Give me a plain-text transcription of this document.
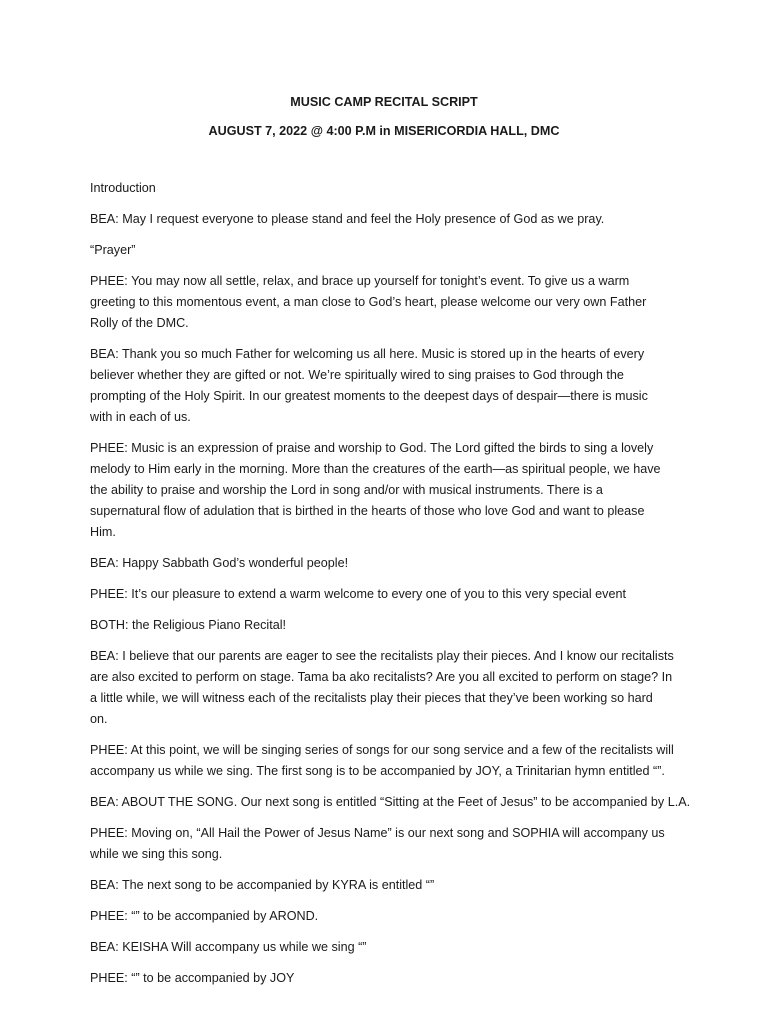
MUSIC CAMP RECITAL SCRIPT
AUGUST 7, 2022 @ 4:00 P.M in MISERICORDIA HALL, DMC

Introduction

BEA: May I request everyone to please stand and feel the Holy presence of God as we pray.

“Prayer”

PHEE: You may now all settle, relax, and brace up yourself for tonight’s event. To give us a warm
greeting to this momentous event, a man close to God’s heart, please welcome our very own Father
Rolly of the DMC.

BEA: Thank you so much Father for welcoming us all here. Music is stored up in the hearts of every
believer whether they are gifted or not. We’re spiritually wired to sing praises to God through the
prompting of the Holy Spirit. In our greatest moments to the deepest days of despair—there is music
with in each of us.

PHEE: Music is an expression of praise and worship to God. The Lord gifted the birds to sing a lovely
melody to Him early in the morning. More than the creatures of the earth—as spiritual people, we have
the ability to praise and worship the Lord in song and/or with musical instruments. There is a
supernatural flow of adulation that is birthed in the hearts of those who love God and want to please
Him.

BEA: Happy Sabbath God’s wonderful people!

PHEE: It’s our pleasure to extend a warm welcome to every one of you to this very special event

BOTH: the Religious Piano Recital!

BEA: I believe that our parents are eager to see the recitalists play their pieces. And I know our recitalists
are also excited to perform on stage. Tama ba ako recitalists? Are you all excited to perform on stage? In
a little while, we will witness each of the recitalists play their pieces that they’ve been working so hard
on.

PHEE: At this point, we will be singing series of songs for our song service and a few of the recitalists will
accompany us while we sing. The first song is to be accompanied by JOY, a Trinitarian hymn entitled “”.

BEA: ABOUT THE SONG. Our next song is entitled “Sitting at the Feet of Jesus” to be accompanied by L.A.

PHEE: Moving on, “All Hail the Power of Jesus Name” is our next song and SOPHIA will accompany us
while we sing this song.

BEA: The next song to be accompanied by KYRA is entitled “”

PHEE: “” to be accompanied by AROND.

BEA: KEISHA Will accompany us while we sing “”

PHEE: “” to be accompanied by JOY
